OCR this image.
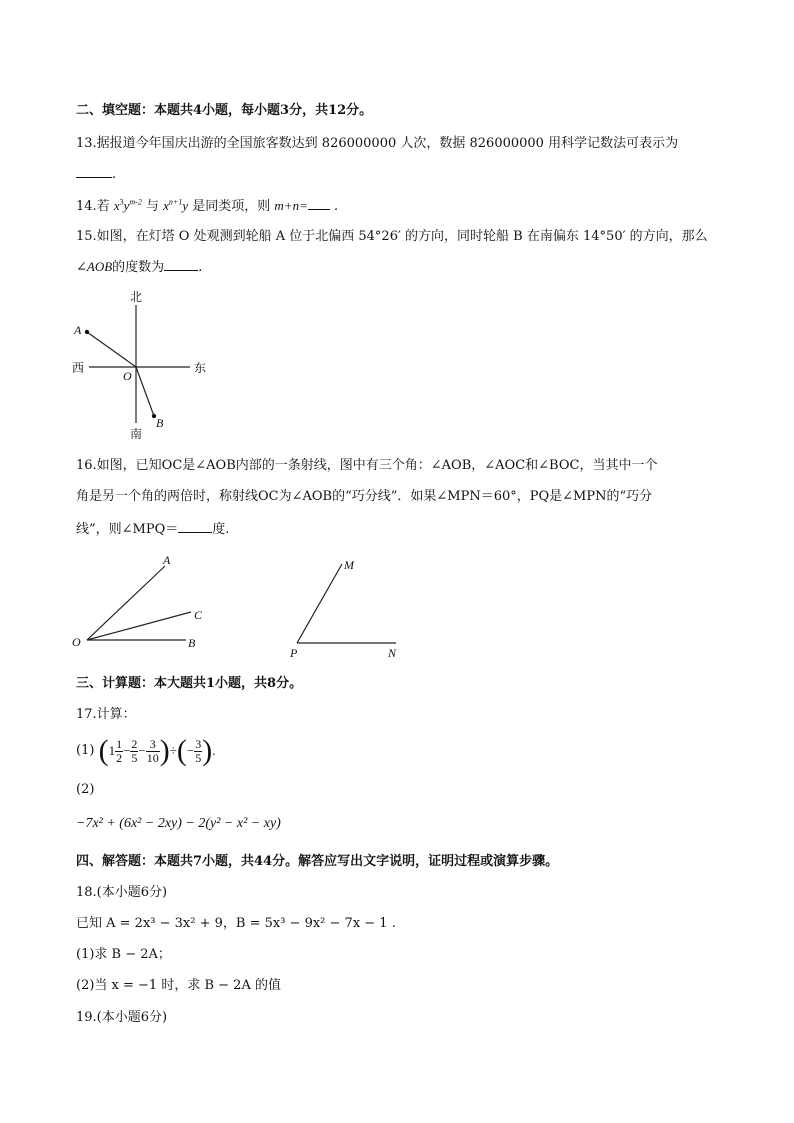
二、填空题：本题共4小题，每小题3分，共12分。
13.据报道今年国庆出游的全国旅客数达到 826000000 人次，数据 826000000 用科学记数法可表示为
.
14.若 $x^3y^{m-2}$ 与 $x^{n+1}y$ 是同类项，则 m+n= .
15.如图，在灯塔 O 处观测到轮船 A 位于北偏西 54°26′ 的方向，同时轮船 B 在南偏东 14°50′ 的方向，那么
∠AOB的度数为	.
北
南
西	东
O
A
B
16.如图，已知OC是∠AOB内部的一条射线，图中有三个角：∠AOB，∠AOC和∠BOC，当其中一个
角是另一个角的两倍时，称射线OC为∠AOB的“巧分线”．如果∠MPN＝60°，PQ是∠MPN的“巧分
线”，则∠MPQ＝	度.
A
C
O	B
M
P	N
三、计算题：本大题共1小题，共8分。
17.计算：
(1) ($1 \frac{1}{2} - \frac{2}{5} - \frac{3}{10}$ )÷(− $\frac{3}{5}$ ).
(2)
−7x² + (6x² − 2xy) − 2(y² − x² − xy)
四、解答题：本题共7小题，共44分。解答应写出文字说明，证明过程或演算步骤。
18.(本小题6分)
已知 A = 2x³ − 3x² + 9，B = 5x³ − 9x² − 7x − 1 .
(1)求 B − 2A；
(2)当 x = −1 时，求 B − 2A 的值
19.(本小题6分)
